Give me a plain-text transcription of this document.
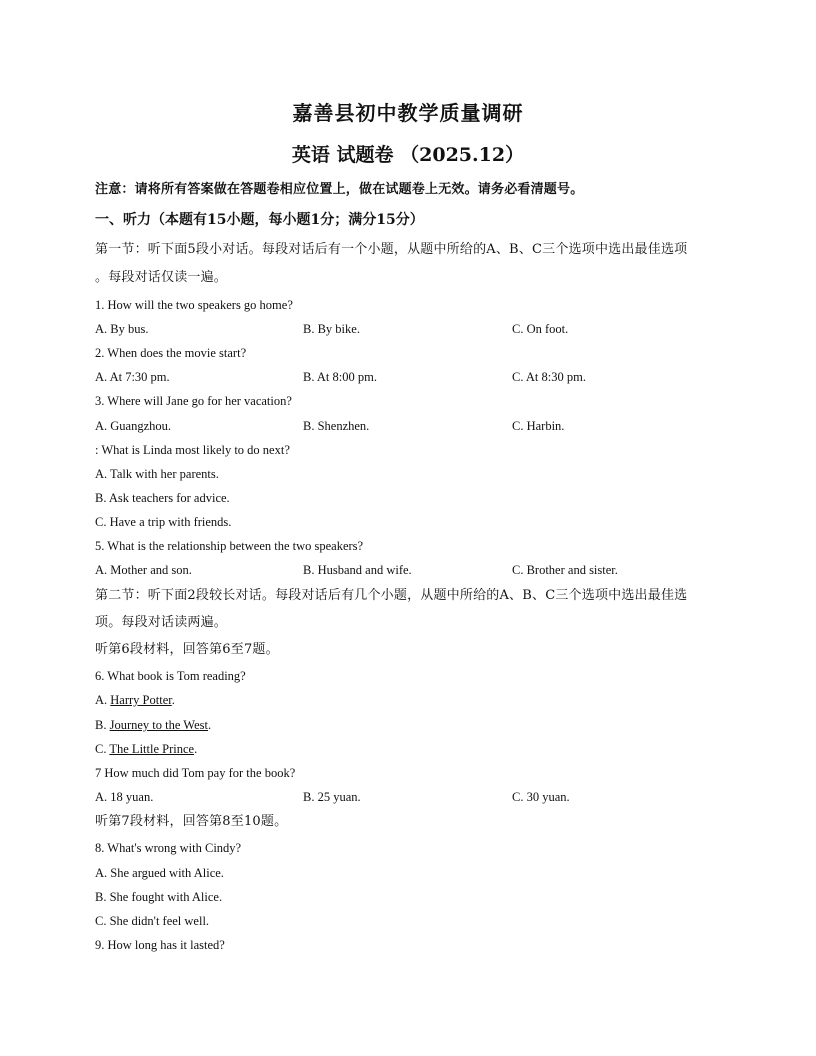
嘉善县初中教学质量调研
英语 试题卷 （2025.12）
注意：请将所有答案做在答题卷相应位置上，做在试题卷上无效。请务必看清题号。
一、听力（本题有15小题，每小题1分；满分15分）
第一节：听下面5段小对话。每段对话后有一个小题，从题中所给的A、B、C三个选项中选出最佳选项
。每段对话仅读一遍。
1. How will the two speakers go home?
A. By bus.	B. By bike.	C. On foot.
2. When does the movie start?
A. At 7:30 pm.	B. At 8:00 pm.	C. At 8:30 pm.
3. Where will Jane go for her vacation?
A. Guangzhou.	B. Shenzhen.	C. Harbin.
: What is Linda most likely to do next?
A. Talk with her parents.
B. Ask teachers for advice.
C. Have a trip with friends.
5. What is the relationship between the two speakers?
A. Mother and son.	B. Husband and wife.	C. Brother and sister.
第二节：听下面2段较长对话。每段对话后有几个小题，从题中所给的A、B、C三个选项中选出最佳选
项。每段对话读两遍。
听第6段材料，回答第6至7题。
6. What book is Tom reading?
A. Harry Potter.
B. Journey to the West.
C. The Little Prince.
7 How much did Tom pay for the book?
A. 18 yuan.	B. 25 yuan.	C. 30 yuan.
听第7段材料，回答第8至10题。
8. What's wrong with Cindy?
A. She argued with Alice.
B. She fought with Alice.
C. She didn't feel well.
9. How long has it lasted?
